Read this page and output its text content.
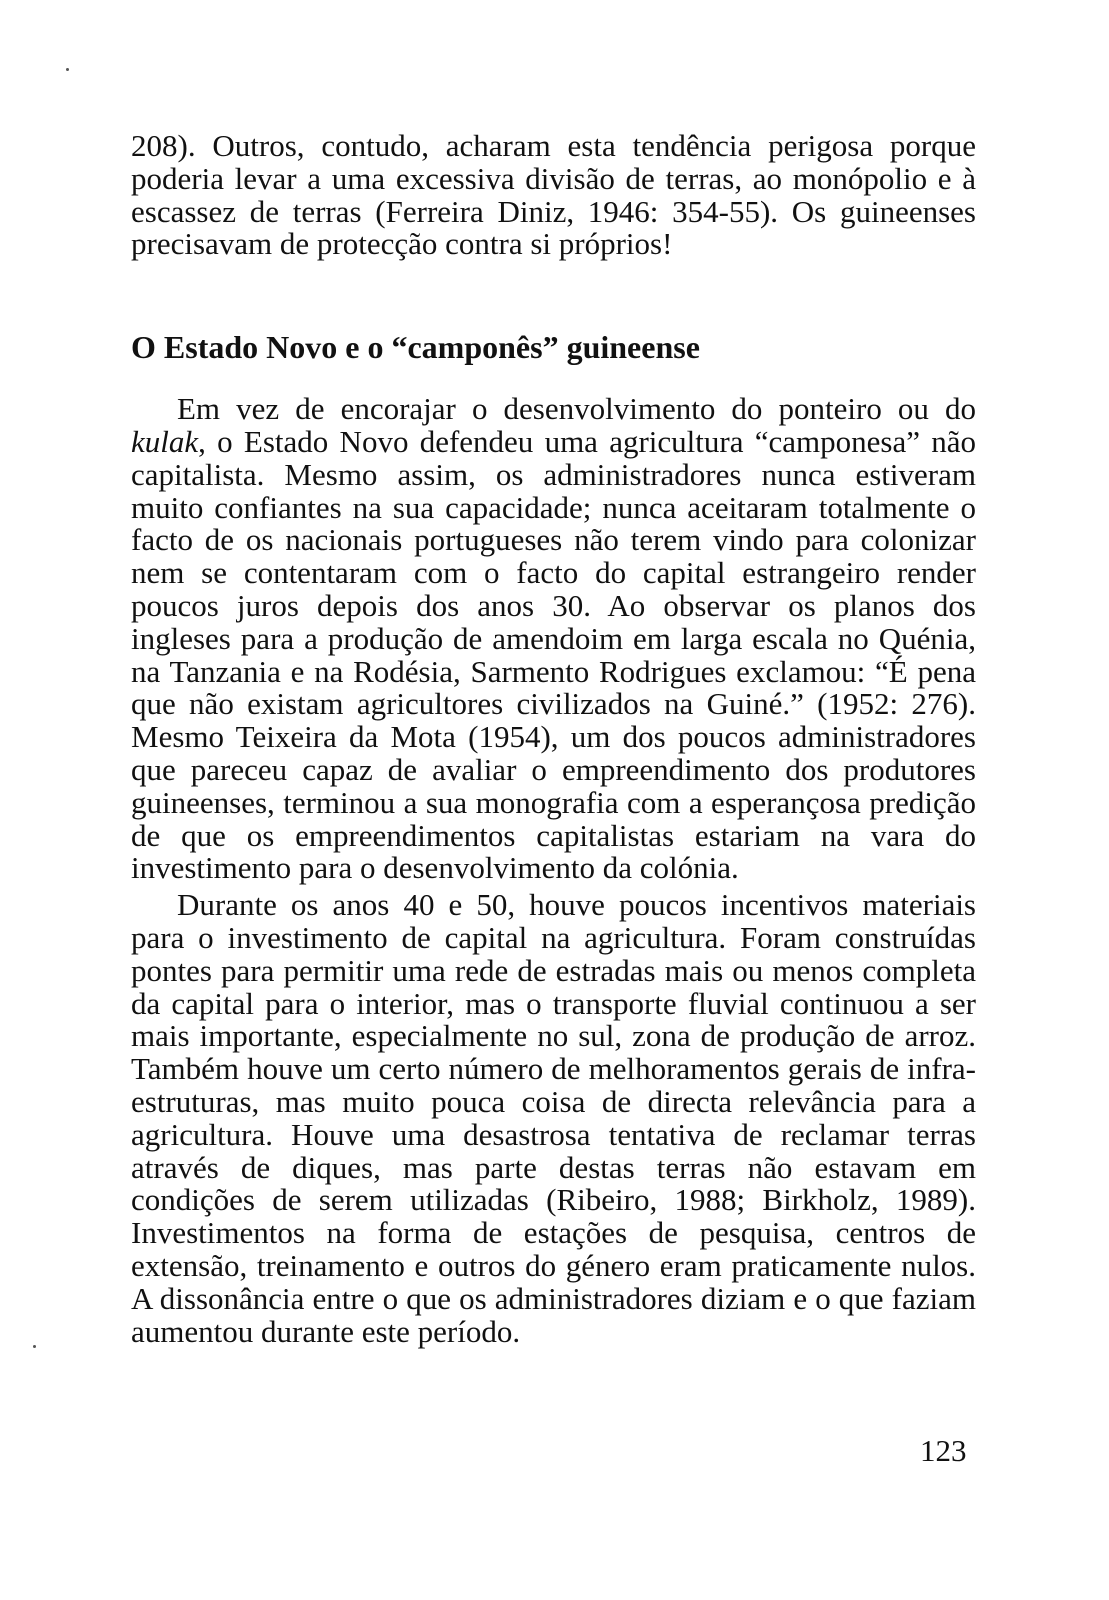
208). Outros, contudo, acharam esta tendência perigosa porque poderia levar a uma excessiva divisão de terras, ao monópolio e à escassez de terras (Ferreira Diniz, 1946: 354-55). Os guineenses precisavam de protecção contra si próprios!

O Estado Novo e o “camponês” guineense

Em vez de encorajar o desenvolvimento do ponteiro ou do kulak, o Estado Novo defendeu uma agricultura “camponesa” não capitalista. Mesmo assim, os administradores nunca estiveram muito confiantes na sua capacidade; nunca aceitaram totalmente o facto de os nacionais portugueses não terem vindo para colonizar nem se contentaram com o facto do capital estrangeiro render poucos juros depois dos anos 30. Ao observar os planos dos ingleses para a produção de amendoim em larga escala no Quénia, na Tanzania e na Rodésia, Sarmento Rodrigues exclamou: “É pena que não existam agricultores civilizados na Guiné.” (1952: 276). Mesmo Teixeira da Mota (1954), um dos poucos administradores que pareceu capaz de avaliar o empreendimento dos produtores guineenses, terminou a sua monografia com a esperançosa predição de que os empreendimentos capitalistas estariam na vara do investimento para o desenvolvimento da colónia.

Durante os anos 40 e 50, houve poucos incentivos materiais para o investimento de capital na agricultura. Foram construídas pontes para permitir uma rede de estradas mais ou menos completa da capital para o interior, mas o transporte fluvial continuou a ser mais importante, especialmente no sul, zona de produção de arroz. Também houve um certo número de melhoramentos gerais de infra-estruturas, mas muito pouca coisa de directa relevância para a agricultura. Houve uma desastrosa tentativa de reclamar terras através de diques, mas parte destas terras não estavam em condições de serem utilizadas (Ribeiro, 1988; Birkholz, 1989). Investimentos na forma de estações de pesquisa, centros de extensão, treinamento e outros do género eram praticamente nulos. A dissonância entre o que os administradores diziam e o que faziam aumentou durante este período.

123
